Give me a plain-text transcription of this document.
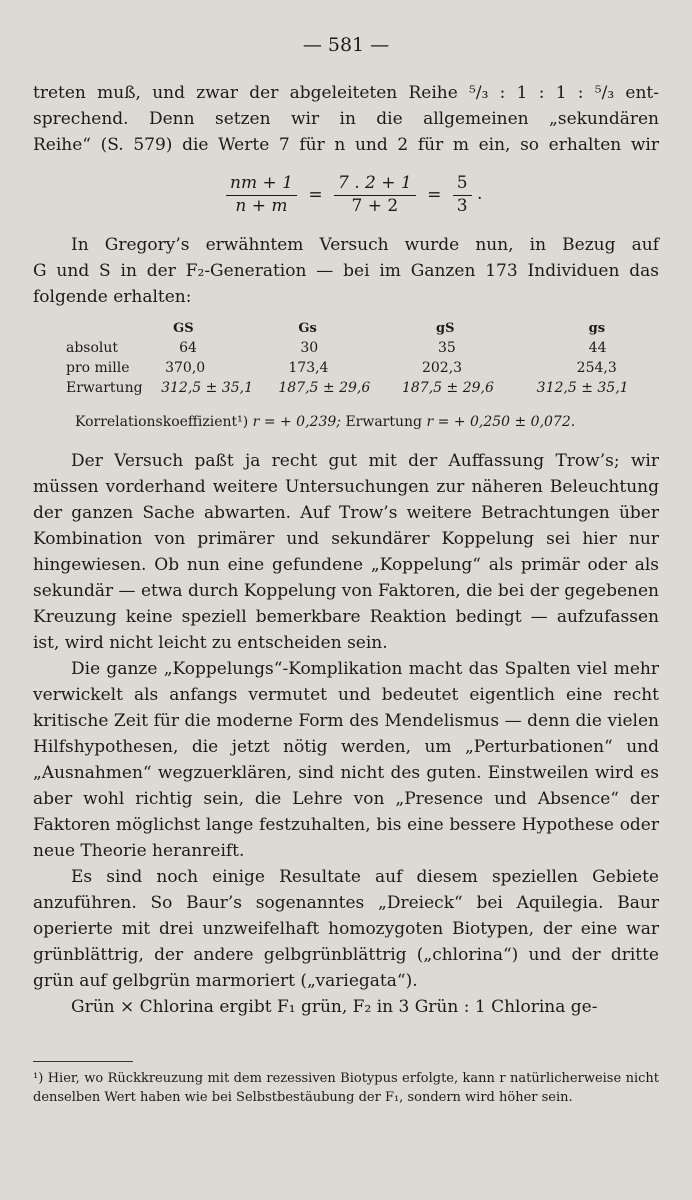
— 581 —
treten muß, und zwar der abgeleiteten Reihe ⁵/₃ : 1 : 1 : ⁵/₃ ent-
sprechend. Denn setzen wir in die allgemeinen „sekundären
Reihe“ (S. 579) die Werte 7 für n und 2 für m ein, so erhalten wir
$\frac{nm + 1}{n + m} = \frac{7 . 2 + 1}{7 + 2} = \frac{5}{3}$ .
In Gregory’s erwähntem Versuch wurde nun, in Bezug auf
G und S in der F₂-Generation — bei im Ganzen 173 Individuen das
folgende erhalten:
	GS	Gs	gS	gs
absolut	64	30	35	44
pro mille	370,0	173,4	202,3	254,3
Erwartung	312,5 ± 35,1	187,5 ± 29,6	187,5 ± 29,6	312,5 ± 35,1
Korrelationskoeffizient¹) r = + 0,239; Erwartung r = + 0,250 ± 0,072.

Der Versuch paßt ja recht gut mit der Auffassung Trow’s; wir müssen vorderhand weitere Untersuchungen zur näheren Beleuchtung der ganzen Sache abwarten. Auf Trow’s weitere Betrachtungen über Kombination von primärer und sekundärer Koppelung sei hier nur hingewiesen. Ob nun eine gefundene „Koppelung“ als primär oder als sekundär — etwa durch Koppelung von Faktoren, die bei der gegebenen Kreuzung keine speziell bemerkbare Reaktion bedingt — aufzufassen ist, wird nicht leicht zu entscheiden sein.

Die ganze „Koppelungs“-Komplikation macht das Spalten viel mehr verwickelt als anfangs vermutet und bedeutet eigentlich eine recht kritische Zeit für die moderne Form des Mendelismus — denn die vielen Hilfshypothesen, die jetzt nötig werden, um „Perturbationen“ und „Ausnahmen“ wegzuerklären, sind nicht des guten. Einstweilen wird es aber wohl richtig sein, die Lehre von „Presence und Absence“ der Faktoren möglichst lange festzuhalten, bis eine bessere Hypothese oder neue Theorie heranreift.

Es sind noch einige Resultate auf diesem speziellen Gebiete anzuführen. So Baur’s sogenanntes „Dreieck“ bei Aquilegia. Baur operierte mit drei unzweifelhaft homozygoten Biotypen, der eine war grünblättrig, der andere gelbgrünblättrig („chlorina“) und der dritte grün auf gelbgrün marmoriert („variegata“).

Grün × Chlorina ergibt F₁ grün, F₂ in 3 Grün : 1 Chlorina ge-

¹) Hier, wo Rückkreuzung mit dem rezessiven Biotypus erfolgte, kann r natürlicherweise nicht denselben Wert haben wie bei Selbstbestäubung der F₁, sondern wird höher sein.
